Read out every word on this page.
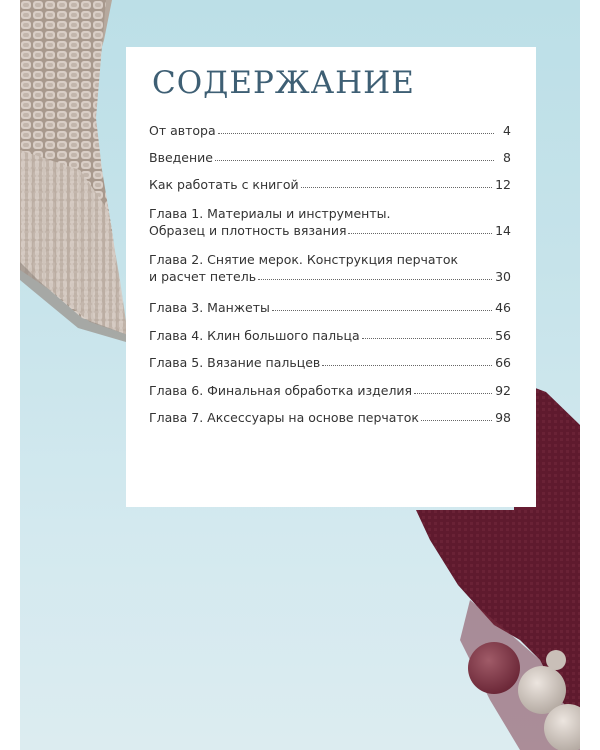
СОДЕРЖАНИЕ
От автора	4
Введение	8
Как работать с книгой	12
Глава 1. Материалы и инструменты.
Образец и плотность вязания	14
Глава 2. Снятие мерок. Конструкция перчаток
и расчет петель	30
Глава 3. Манжеты	46
Глава 4. Клин большого пальца	56
Глава 5. Вязание пальцев	66
Глава 6. Финальная обработка изделия	92
Глава 7. Аксессуары на основе перчаток	98
